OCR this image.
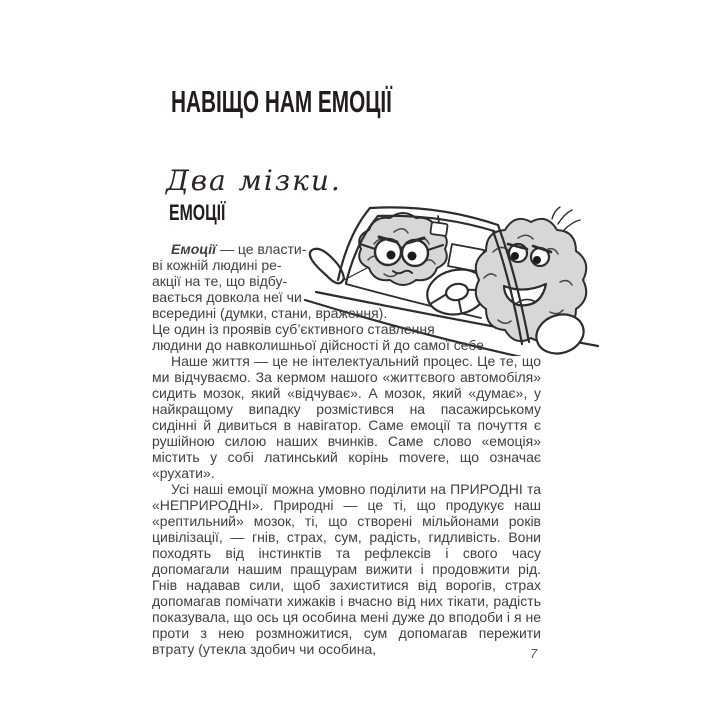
НАВІЩО НАМ ЕМОЦІЇ
Два мізки.
ЕМОЦІЇ

Емоції — це власти-
ві кожній людині ре-
акції на те, що відбу-
вається довкола неї чи
всередині (думки, стани, враження).
Це один із проявів суб’єктивного ставлення
людини до навколишньої дійсності й до самої себе.

Наше життя — це не інтелектуальний процес. Це те, що ми відчуваємо. За кермом нашого «життєвого автомобіля» сидить мозок, який «відчуває». А мозок, який «думає», у найкращому випадку розмістився на пасажирському сидінні й дивиться в навігатор. Саме емоції та почуття є рушійною силою наших вчинків. Саме слово «емоція» містить у собі латинський корінь movere, що означає «рухати».

Усі наші емоції можна умовно поділити на ПРИРОДНІ та «НЕПРИРОДНІ». Природні — це ті, що продукує наш «рептильний» мозок, ті, що створені мільйонами років цивілізації, — гнів, страх, сум, радість, гидливість. Вони походять від інстинктів та рефлексів і свого часу допомагали нашим пращурам вижити і продовжити рід. Гнів надавав сили, щоб захиститися від ворогів, страх допомагав помічати хижаків і вчасно від них тікати, радість показувала, що ось ця особина мені дуже до вподоби і я не проти з нею розмножитися, сум допомагав пережити втрату (утекла здобич чи особина,	7
